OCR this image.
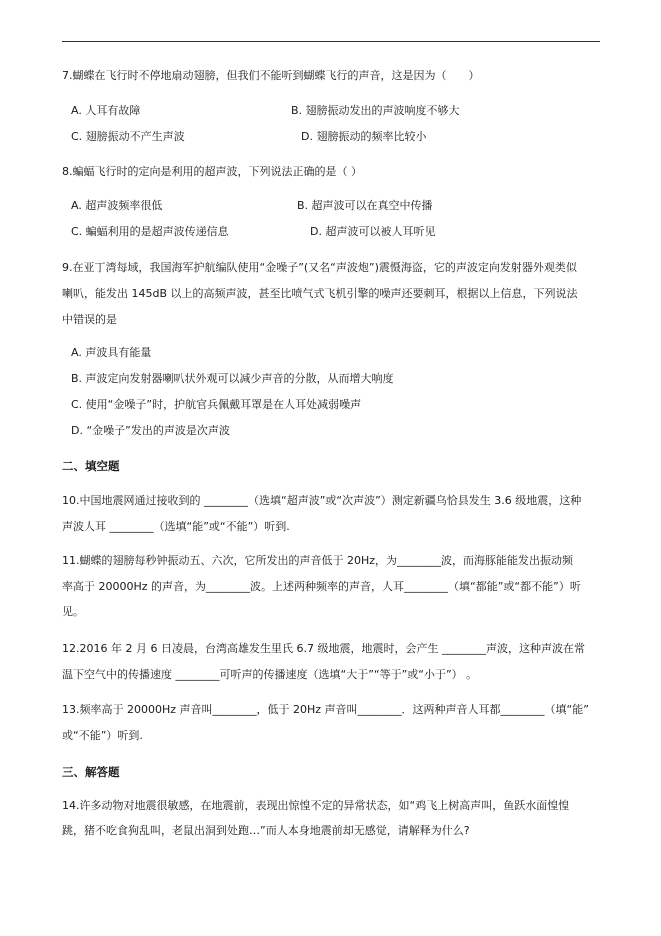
7.蝴蝶在飞行时不停地扇动翅膀，但我们不能听到蝴蝶飞行的声音，这是因为（　　）

A. 人耳有故障	B. 翅膀振动发出的声波响度不够大

C. 翅膀振动不产生声波	D. 翅膀振动的频率比较小

8.蝙蝠飞行时的定向是利用的超声波，下列说法正确的是（ ）

A. 超声波频率很低	B. 超声波可以在真空中传播

C. 蝙蝠利用的是超声波传递信息	D. 超声波可以被人耳听见

9.在亚丁湾每域，我国海军护航编队使用“金噪子”(又名“声波炮”)震慑海盗，它的声波定向发射器外观类似

喇叭，能发出 145dB 以上的高频声波，甚至比喷气式飞机引擎的噪声还要刺耳，根据以上信息，下列说法

中错误的是

A. 声波具有能量

B. 声波定向发射器喇叭状外观可以减少声音的分散，从而增大响度

C. 使用“金噪子”时，护航官兵佩戴耳罩是在人耳处减弱噪声

D. “金噪子”发出的声波是次声波

二、填空题

10.中国地震网通过接收到的 ________（选填“超声波”或“次声波”）测定新疆乌恰县发生 3.6 级地震，这种

声波人耳 ________（选填“能”或“不能”）听到.

11.蝴蝶的翅膀每秒钟振动五、六次，它所发出的声音低于 20Hz，为________波，而海豚能能发出振动频

率高于 20000Hz 的声音，为________波。上述两种频率的声音，人耳________（填“都能”或“都不能”）听

见。

12.2016 年 2 月 6 日凌晨，台湾高雄发生里氏 6.7 级地震，地震时，会产生 ________声波，这种声波在常

温下空气中的传播速度 ________可听声的传播速度（选填“大于”“等于”或“小于”） 。

13.频率高于 20000Hz 声音叫________，低于 20Hz 声音叫________．这两种声音人耳都________（填“能”

或“不能”）听到.

三、解答题

14.许多动物对地震很敏感，在地震前，表现出惊惶不定的异常状态，如“鸡飞上树高声叫，鱼跃水面惶惶

跳，猪不吃食狗乱叫，老鼠出洞到处跑…”而人本身地震前却无感觉，请解释为什么?
